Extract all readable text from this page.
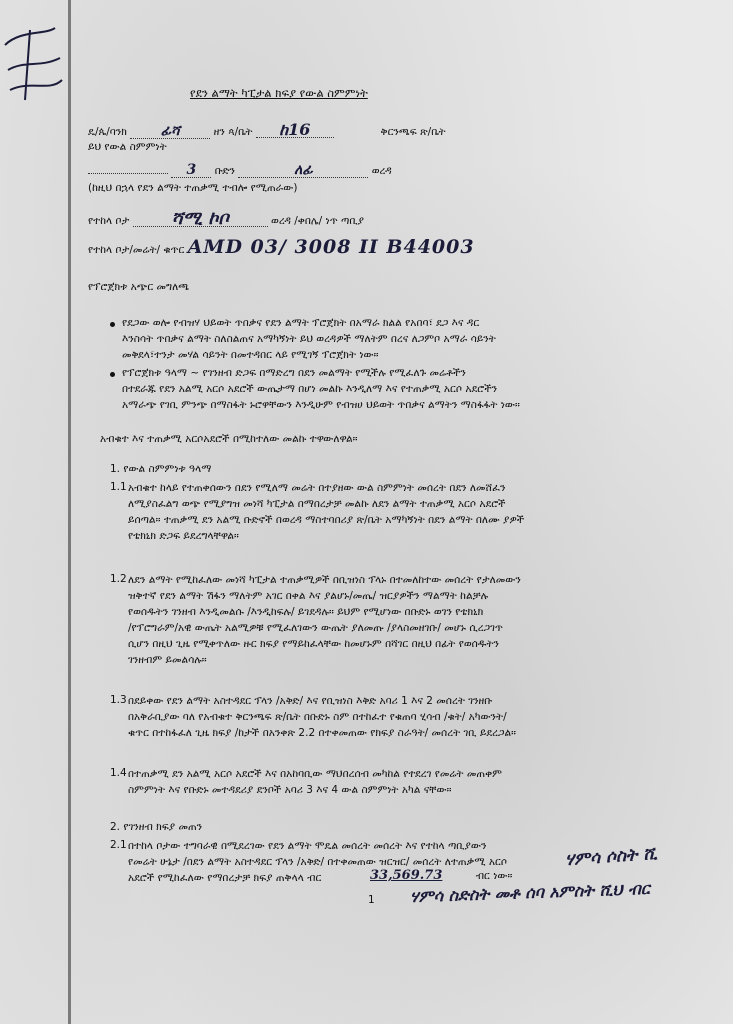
የደን ልማት ካፒታል ክፍያ የውል ስምምነት
ዴ/ጴ/ባንክ ፊሻ	ዘን ጳ/ቤት ከ16	ቅርንጫፍ ጽ/ቤት
ይህ የውል ስምምነት
3 ቡድን	ለፊ	ወረዳ
(ከዚህ በኋላ የደን ልማት ተጠቃሚ ተብሎ የሚጠራው)
የተከላ ቦታ ሻሚ ኮቦ	ወረዳ /ቀበሌ/ ነጥ ጣቢያ
የተከላ ቦታ/መሬት/ ቁጥር AMD 03/ 3008 II B44003
የፕሮጀክቱ አጭር መግለጫ
የደጋው ወሎ የብዝሃ ህይወት ጥበቃና የደን ልማት ፕሮጀክት በአማራ ክልል የአበባ፣ ደጋ እና ዳር
እንስሳት ጥበቃና ልማት ስለስልጠና አማካኝነት ይህ ወረዳዎች ማለትም በረና ለጋምቦ አማራ ሳይንት
መቅደላ፣ተንታ መሃል ሳይንት በመተዳበር ላይ የሚገኝ ፕሮጀክት ነው።
የፕሮጀክቱ ዓላማ ~ የገንዘብ ድጋፍ በማድረግ በደን መልማት የሚችሉ የሚፈለጉ መሬቶችን
በተደራጁ የደን አልሚ አርሶ አደሮች ውጤታማ በሆነ መልኩ እንዲለማ እና የተጠቃሚ አርሶ አደሮችን
አማራጭ የገቢ ምንጭ በማስፋት ኑሮዋቸውን እንዲሁም የብዝሀ ህይወት ጥበቃና ልማትን ማስፋፋት ነው።
አብቁተ እና ተጠቃሚ አርሶአደሮች በሚከተለው መልኩ ተዋውለዋል።
1. የውል ስምምነቱ ዓላማ
1.1 አብቁተ ከላይ የተጠቀሰውን በደን የሚለማ መሬት በተያዘው ውል ስምምነት መሰረት በደን ለመሸፈን
ለሚያስፈልግ ወጭ የሚያግዝ መነሻ ካፒታል በማበረታቻ መልኩ ለደን ልማት ተጠቃሚ አርሶ አደሮች
ይሰጣል። ተጠቃሚ ደን አልሚ ቡድኖች በወረዳ ማስተባበሪያ ጽ/ቤት አማካኝነት በደን ልማት በለሙ ያዎች
የቴክኒክ ድጋፍ ይደረግላቸዋል።
1.2 ለደን ልማት የሚከፈለው መነሻ ካፒታል ተጠቃሚዎች በቢዝነስ ፕላኑ በተመለከተው መሰረት የታለመውን
ዝቅተኛ የደን ልማት ሽፋን ማለትም አገር በቀል እና ያልሆኑ/መጤ/ ዝርያዎችን ማልማት ከልቻሉ
የወሰዱትን ገንዘብ እንዲመልሱ /እንዲከፍሉ/ ይገደዳሉ። ይህም የሚሆነው በቡድኑ ወገን የቴክኒክ
/የፕሮግራም/አዊ ውጤት አልሚዎቹ የሚፈለገውን ውጤት ያለመጡ /ያላስመዘገቡ/ መሆኑ ሲረጋገጥ
ሲሆን በዚህ ጊዜ የሚቀጥለው ዙር ክፍያ የማይከፈላቸው ከመሆኑም በሻገር በዚህ በፊት የወሰዱትን
ገንዘብም ይመልሳሉ።
1.3 በደይቀው የደን ልማት አስተዳደር ፕላን /አቅድ/ እና የቢዝነስ እቅድ አባሪ 1 እና 2 መሰረት ገንዘቡ
በአቅራቢያው ባለ የአብቁተ ቅርንጫፍ ጽ/ቤት በቡድኑ ስም በተከፈተ የቁጠባ ሂሳብ /ቁት/ አካውንት/
ቁጥር በተከፋፈለ ጊዜ ክፍያ /ከታች በአንቀጽ 2.2 በተቀመጠው የክፍያ ስራዓት/ መሰረት ገቢ ይደረጋል።
1.4 በተጠቃሚ ደን አልሚ አርሶ አደሮች እና በአከባቢው ማህበረሰብ መካከል የተደረገ የመሬት መጠቀም
ስምምነት እና የቡድኑ መተዳደሪያ ደንቦች አባሪ 3 እና 4 ውል ስምምነት አካል ናቸው።
2. የገንዘብ ክፍያ መጠን
2.1 በተከላ ቦታው ተግባራዊ በሚደረገው የደን ልማት ሞዴል መሰረት መሰረት እና የተከላ ጣቢያውን
የመሬት ሁኔታ /በደን ልማት አስተዳደር ፕላን /አቅድ/ በተቀመጠው ዝርዝር/ መሰረት ለተጠቃሚ አርሶ
አደሮች የሚከፈለው የማበረታቻ ክፍያ ጠቅላላ ብር	33,569.73	ብር ነው።
ሃምሳ ሶስት ሺ
ሃምሳ ስድስት መቶ ሰባ አምስት ሺህ ብር
1
